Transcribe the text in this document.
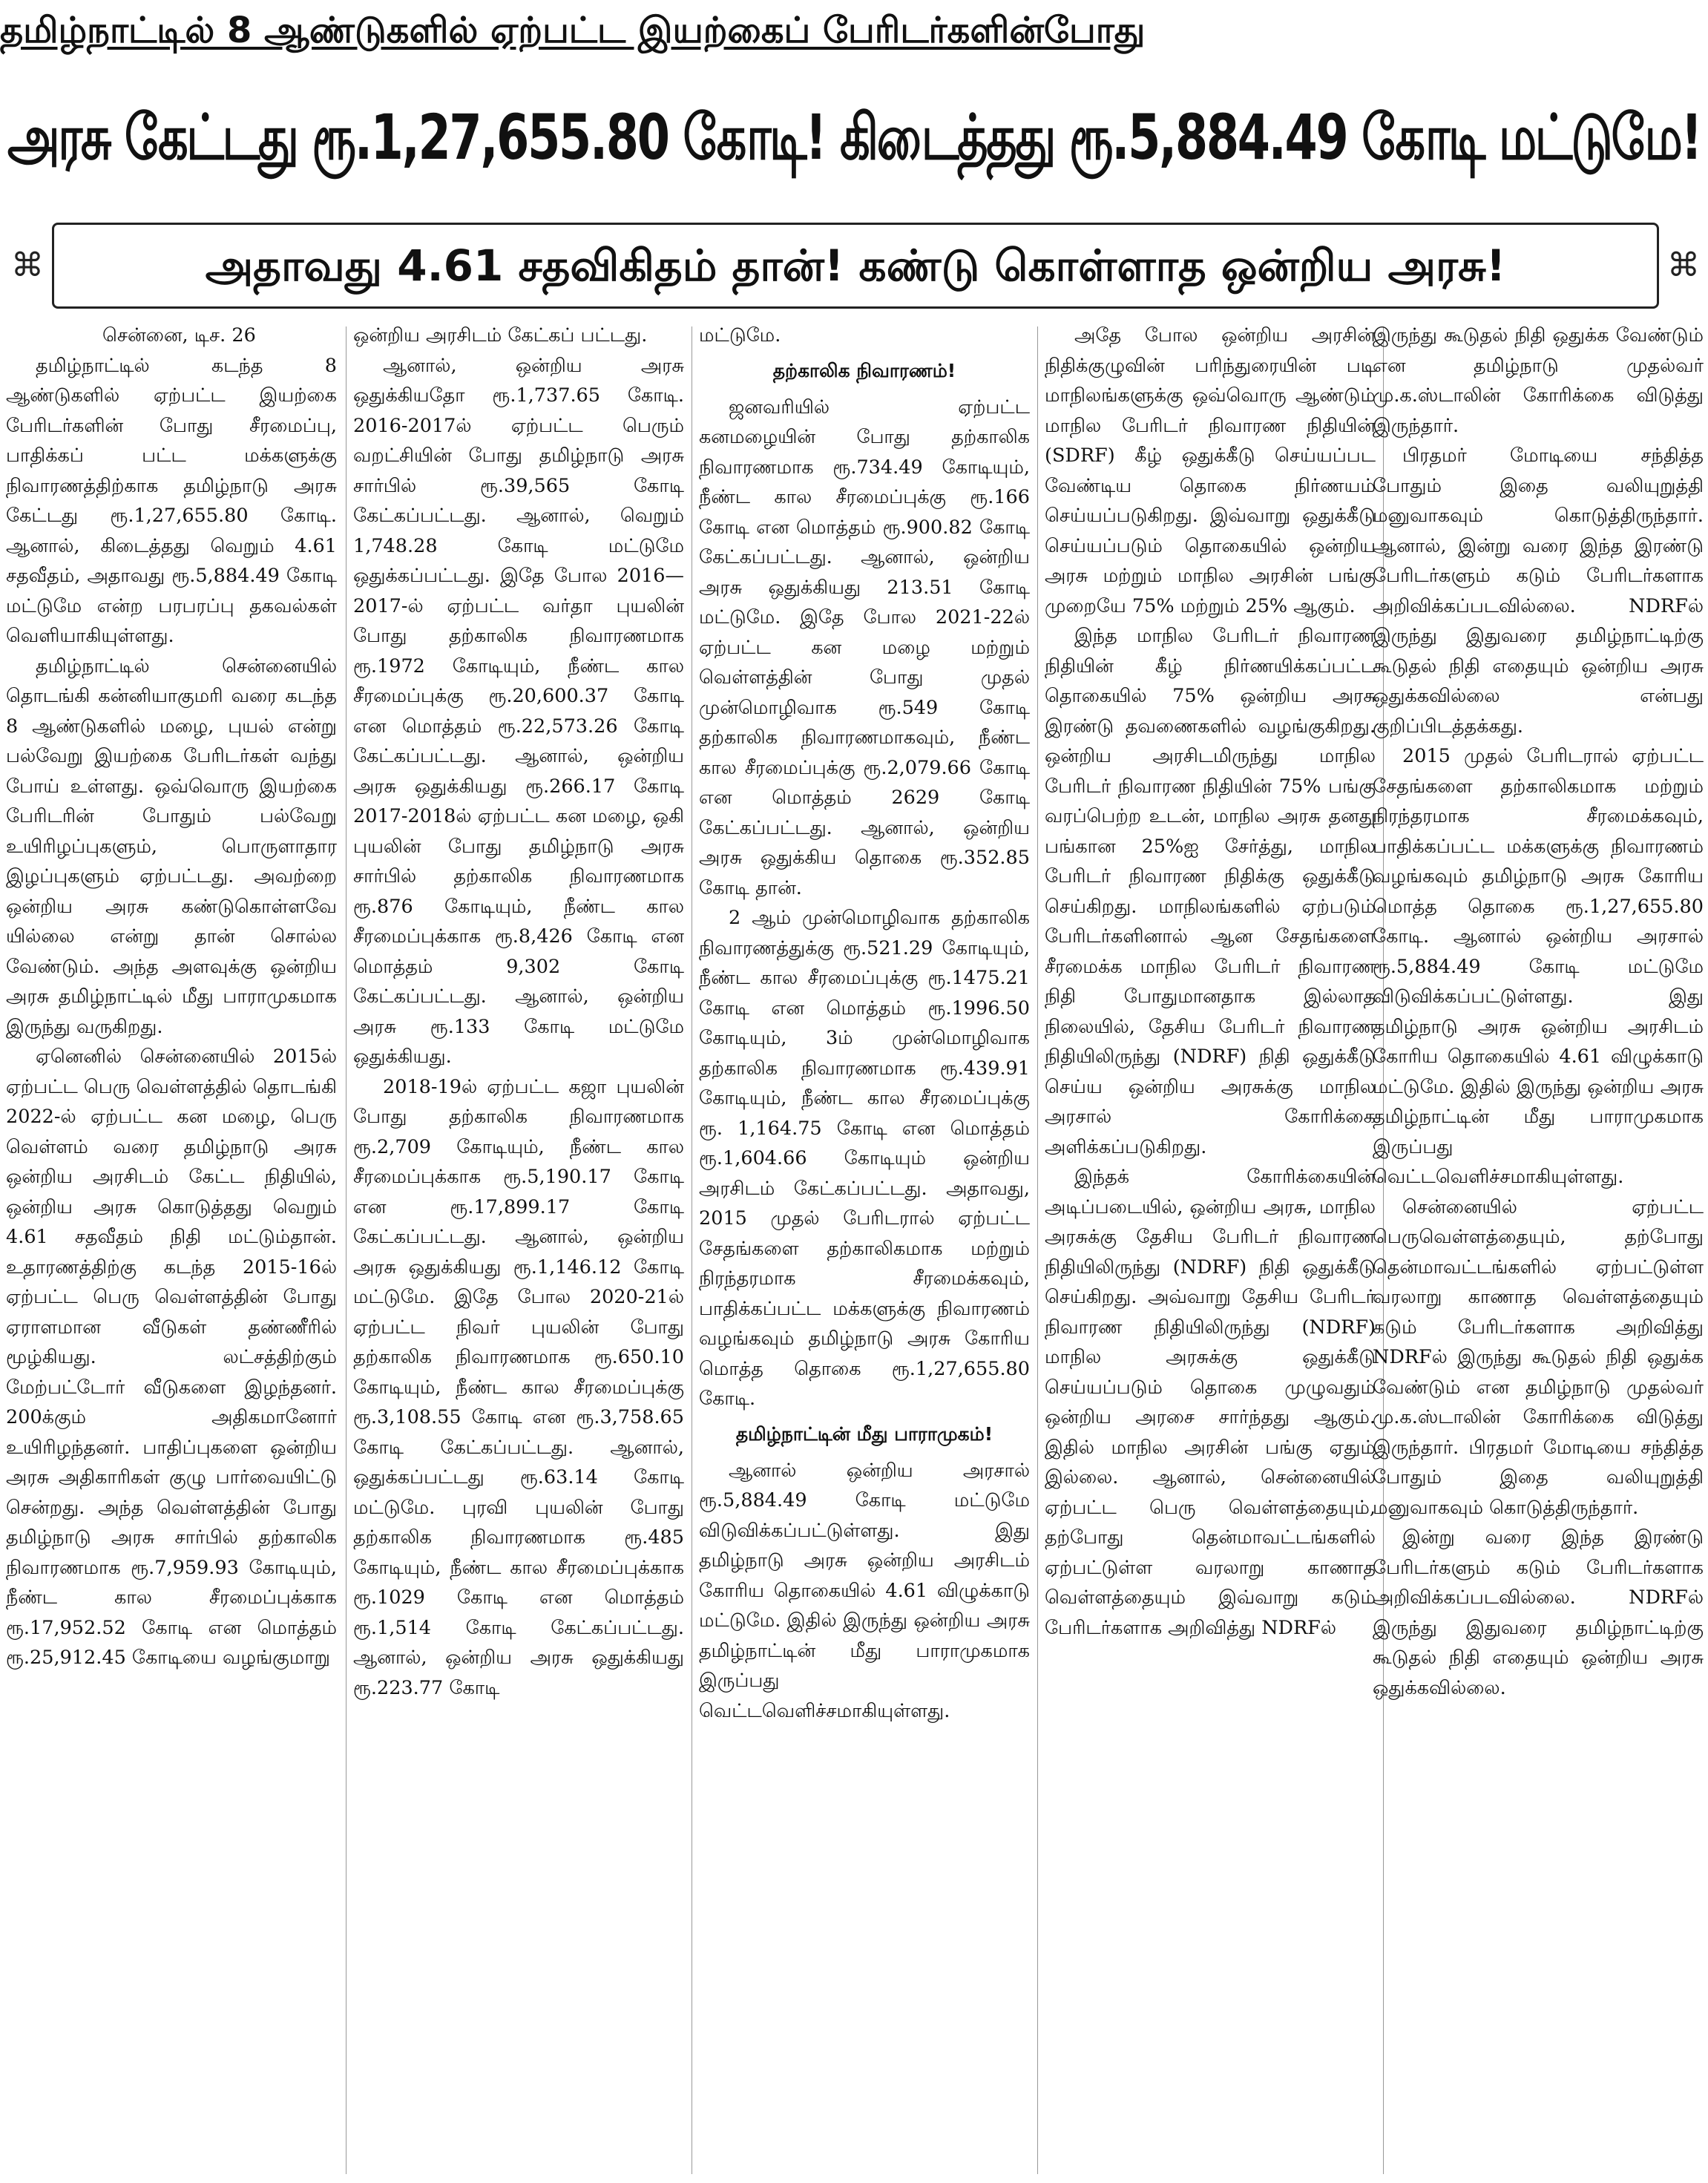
தமிழ்நாட்டில் 8 ஆண்டுகளில் ஏற்பட்ட இயற்கைப் பேரிடர்களின்போது
அரசு கேட்டது ரூ.1,27,655.80 கோடி! கிடைத்தது ரூ.5,884.49 கோடி மட்டுமே!
⌘	அதாவது 4.61 சதவிகிதம் தான்! கண்டு கொள்ளாத ஒன்றிய அரசு!	⌘

சென்னை, டிச. 26

தமிழ்நாட்டில் கடந்த 8 ஆண்டுகளில் ஏற்பட்ட இயற்கை பேரிடர்களின் போது சீரமைப்பு, பாதிக்கப் பட்ட மக்களுக்கு நிவாரணத்திற்காக தமிழ்நாடு அரசு கேட்டது ரூ.1,27,655.80 கோடி. ஆனால், கிடைத்தது வெறும் 4.61 சதவீதம், அதாவது ரூ.5,884.49 கோடி மட்டுமே என்ற பரபரப்பு தகவல்கள் வெளியாகியுள்ளது.

தமிழ்நாட்டில் சென்னையில் தொடங்கி கன்னியாகுமரி வரை கடந்த 8 ஆண்டுகளில் மழை, புயல் என்று பல்வேறு இயற்கை பேரிடர்கள் வந்து போய் உள்ளது. ஒவ்வொரு இயற்கை பேரிடரின் போதும் பல்வேறு உயிரிழப்புகளும், பொருளாதார இழப்புகளும் ஏற்பட்டது. அவற்றை ஒன்றிய அரசு கண்டுகொள்ளவே யில்லை என்று தான் சொல்ல வேண்டும். அந்த அளவுக்கு ஒன்றிய அரசு தமிழ்நாட்டில் மீது பாராமுகமாக இருந்து வருகிறது.

ஏனெனில் சென்னையில் 2015ல் ஏற்பட்ட பெரு வெள்ளத்தில் தொடங்கி 2022-ல் ஏற்பட்ட கன மழை, பெரு வெள்ளம் வரை தமிழ்நாடு அரசு ஒன்றிய அரசிடம் கேட்ட நிதியில், ஒன்றிய அரசு கொடுத்தது வெறும் 4.61 சதவீதம் நிதி மட்டும்தான். உதாரணத்திற்கு கடந்த 2015-16ல் ஏற்பட்ட பெரு வெள்ளத்தின் போது ஏராளமான வீடுகள் தண்ணீரில் மூழ்கியது. லட்சத்திற்கும் மேற்பட்டோர் வீடுகளை இழந்தனர். 200க்கும் அதிகமானோர் உயிரிழந்தனர். பாதிப்புகளை ஒன்றிய அரசு அதிகாரிகள் குழு பார்வையிட்டு சென்றது. அந்த வெள்ளத்தின் போது தமிழ்நாடு அரசு சார்பில் தற்காலிக நிவாரணமாக ரூ.7,959.93 கோடியும், நீண்ட கால சீரமைப்புக்காக ரூ.17,952.52 கோடி என மொத்தம் ரூ.25,912.45 கோடியை வழங்குமாறு

ஒன்றிய அரசிடம் கேட்கப் பட்டது.

ஆனால், ஒன்றிய அரசு ஒதுக்கியதோ ரூ.1,737.65 கோடி. 2016-2017ல் ஏற்பட்ட பெரும் வறட்சியின் போது தமிழ்நாடு அரசு சார்பில் ரூ.39,565 கோடி கேட்கப்பட்டது. ஆனால், வெறும் 1,748.28 கோடி மட்டுமே ஒதுக்கப்பட்டது. இதே போல 2016—2017-ல் ஏற்பட்ட வர்தா புயலின் போது தற்காலிக நிவாரணமாக ரூ.1972 கோடியும், நீண்ட கால சீரமைப்புக்கு ரூ.20,600.37 கோடி என மொத்தம் ரூ.22,573.26 கோடி கேட்கப்பட்டது. ஆனால், ஒன்றிய அரசு ஒதுக்கியது ரூ.266.17 கோடி 2017-2018ல் ஏற்பட்ட கன மழை, ஒகி புயலின் போது தமிழ்நாடு அரசு சார்பில் தற்காலிக நிவாரணமாக ரூ.876 கோடியும், நீண்ட கால சீரமைப்புக்காக ரூ.8,426 கோடி என மொத்தம் 9,302 கோடி கேட்கப்பட்டது. ஆனால், ஒன்றிய அரசு ரூ.133 கோடி மட்டுமே ஒதுக்கியது.

2018-19ல் ஏற்பட்ட கஜா புயலின் போது தற்காலிக நிவாரணமாக ரூ.2,709 கோடியும், நீண்ட கால சீரமைப்புக்காக ரூ.5,190.17 கோடி என ரூ.17,899.17 கோடி கேட்கப்பட்டது. ஆனால், ஒன்றிய அரசு ஒதுக்கியது ரூ.1,146.12 கோடி மட்டுமே. இதே போல 2020-21ல் ஏற்பட்ட நிவர் புயலின் போது தற்காலிக நிவாரணமாக ரூ.650.10 கோடியும், நீண்ட கால சீரமைப்புக்கு ரூ.3,108.55 கோடி என ரூ.3,758.65 கோடி கேட்கப்பட்டது. ஆனால், ஒதுக்கப்பட்டது ரூ.63.14 கோடி மட்டுமே. புரவி புயலின் போது தற்காலிக நிவாரணமாக ரூ.485 கோடியும், நீண்ட கால சீரமைப்புக்காக ரூ.1029 கோடி என மொத்தம் ரூ.1,514 கோடி கேட்கப்பட்டது. ஆனால், ஒன்றிய அரசு ஒதுக்கியது ரூ.223.77 கோடி

மட்டுமே.

தற்காலிக நிவாரணம்!

ஜனவரியில் ஏற்பட்ட கனமழையின் போது தற்காலிக நிவாரணமாக ரூ.734.49 கோடியும், நீண்ட கால சீரமைப்புக்கு ரூ.166 கோடி என மொத்தம் ரூ.900.82 கோடி கேட்கப்பட்டது. ஆனால், ஒன்றிய அரசு ஒதுக்கியது 213.51 கோடி மட்டுமே. இதே போல 2021-22ல் ஏற்பட்ட கன மழை மற்றும் வெள்ளத்தின் போது முதல் முன்மொழிவாக ரூ.549 கோடி தற்காலிக நிவாரணமாகவும், நீண்ட கால சீரமைப்புக்கு ரூ.2,079.66 கோடி என மொத்தம் 2629 கோடி கேட்கப்பட்டது. ஆனால், ஒன்றிய அரசு ஒதுக்கிய தொகை ரூ.352.85 கோடி தான்.

2 ஆம் முன்மொழிவாக தற்காலிக நிவாரணத்துக்கு ரூ.521.29 கோடியும், நீண்ட கால சீரமைப்புக்கு ரூ.1475.21 கோடி என மொத்தம் ரூ.1996.50 கோடியும், 3ம் முன்மொழிவாக தற்காலிக நிவாரணமாக ரூ.439.91 கோடியும், நீண்ட கால சீரமைப்புக்கு ரூ. 1,164.75 கோடி என மொத்தம் ரூ.1,604.66 கோடியும் ஒன்றிய அரசிடம் கேட்கப்பட்டது. அதாவது, 2015 முதல் பேரிடரால் ஏற்பட்ட சேதங்களை தற்காலிகமாக மற்றும் நிரந்தரமாக சீரமைக்கவும், பாதிக்கப்பட்ட மக்களுக்கு நிவாரணம் வழங்கவும் தமிழ்நாடு அரசு கோரிய மொத்த தொகை ரூ.1,27,655.80 கோடி.

தமிழ்நாட்டின் மீது பாராமுகம்!

ஆனால் ஒன்றிய அரசால் ரூ.5,884.49 கோடி மட்டுமே விடுவிக்கப்பட்டுள்ளது. இது தமிழ்நாடு அரசு ஒன்றிய அரசிடம் கோரிய தொகையில் 4.61 விழுக்காடு மட்டுமே. இதில் இருந்து ஒன்றிய அரசு தமிழ்நாட்டின் மீது பாராமுகமாக இருப்பது வெட்டவெளிச்சமாகியுள்ளது.

அதே போல ஒன்றிய அரசின் நிதிக்குழுவின் பரிந்துரையின் படி மாநிலங்களுக்கு ஒவ்வொரு ஆண்டும் மாநில பேரிடர் நிவாரண நிதியின் (SDRF) கீழ் ஒதுக்கீடு செய்யப்பட வேண்டிய தொகை நிர்ணயம் செய்யப்படுகிறது. இவ்வாறு ஒதுக்கீடு செய்யப்படும் தொகையில் ஒன்றிய அரசு மற்றும் மாநில அரசின் பங்கு முறையே 75% மற்றும் 25% ஆகும்.

இந்த மாநில பேரிடர் நிவாரண நிதியின் கீழ் நிர்ணயிக்கப்பட்ட தொகையில் 75% ஒன்றிய அரசு இரண்டு தவணைகளில் வழங்குகிறது. ஒன்றிய அரசிடமிருந்து மாநில பேரிடர் நிவாரண நிதியின் 75% பங்கு வரப்பெற்ற உடன், மாநில அரசு தனது பங்கான 25%ஐ சேர்த்து, மாநில பேரிடர் நிவாரண நிதிக்கு ஒதுக்கீடு செய்கிறது. மாநிலங்களில் ஏற்படும் பேரிடர்களினால் ஆன சேதங்களை சீரமைக்க மாநில பேரிடர் நிவாரண நிதி போதுமானதாக இல்லாத நிலையில், தேசிய பேரிடர் நிவாரண நிதியிலிருந்து (NDRF) நிதி ஒதுக்கீடு செய்ய ஒன்றிய அரசுக்கு மாநில அரசால் கோரிக்கை அளிக்கப்படுகிறது.

இந்தக் கோரிக்கையின் அடிப்படையில், ஒன்றிய அரசு, மாநில அரசுக்கு தேசிய பேரிடர் நிவாரண நிதியிலிருந்து (NDRF) நிதி ஒதுக்கீடு செய்கிறது. அவ்வாறு தேசிய பேரிடர் நிவாரண நிதியிலிருந்து (NDRF) மாநில அரசுக்கு ஒதுக்கீடு செய்யப்படும் தொகை முழுவதும் ஒன்றிய அரசை சார்ந்தது ஆகும். இதில் மாநில அரசின் பங்கு ஏதும் இல்லை. ஆனால், சென்னையில் ஏற்பட்ட பெரு வெள்ளத்தையும், தற்போது தென்மாவட்டங்களில் ஏற்பட்டுள்ள வரலாறு காணாத வெள்ளத்தையும் இவ்வாறு கடும் பேரிடர்களாக அறிவித்து NDRFல்

இருந்து கூடுதல் நிதி ஒதுக்க வேண்டும் என தமிழ்நாடு முதல்வர் மு.க.ஸ்டாலின் கோரிக்கை விடுத்து இருந்தார்.

பிரதமர் மோடியை சந்தித்த போதும் இதை வலியுறுத்தி மனுவாகவும் கொடுத்திருந்தார். ஆனால், இன்று வரை இந்த இரண்டு பேரிடர்களும் கடும் பேரிடர்களாக அறிவிக்கப்படவில்லை. NDRFல் இருந்து இதுவரை தமிழ்நாட்டிற்கு கூடுதல் நிதி எதையும் ஒன்றிய அரசு ஒதுக்கவில்லை என்பது குறிப்பிடத்தக்கது.

2015 முதல் பேரிடரால் ஏற்பட்ட சேதங்களை தற்காலிகமாக மற்றும் நிரந்தரமாக சீரமைக்கவும், பாதிக்கப்பட்ட மக்களுக்கு நிவாரணம் வழங்கவும் தமிழ்நாடு அரசு கோரிய மொத்த தொகை ரூ.1,27,655.80 கோடி. ஆனால் ஒன்றிய அரசால் ரூ.5,884.49 கோடி மட்டுமே விடுவிக்கப்பட்டுள்ளது. இது தமிழ்நாடு அரசு ஒன்றிய அரசிடம் கோரிய தொகையில் 4.61 விழுக்காடு மட்டுமே. இதில் இருந்து ஒன்றிய அரசு தமிழ்நாட்டின் மீது பாராமுகமாக இருப்பது வெட்டவெளிச்சமாகியுள்ளது.

சென்னையில் ஏற்பட்ட பெருவெள்ளத்தையும், தற்போது தென்மாவட்டங்களில் ஏற்பட்டுள்ள வரலாறு காணாத வெள்ளத்தையும் கடும் பேரிடர்களாக அறிவித்து NDRFல் இருந்து கூடுதல் நிதி ஒதுக்க வேண்டும் என தமிழ்நாடு முதல்வர் மு.க.ஸ்டாலின் கோரிக்கை விடுத்து இருந்தார். பிரதமர் மோடியை சந்தித்த போதும் இதை வலியுறுத்தி மனுவாகவும் கொடுத்திருந்தார்.

இன்று வரை இந்த இரண்டு பேரிடர்களும் கடும் பேரிடர்களாக அறிவிக்கப்படவில்லை. NDRFல் இருந்து இதுவரை தமிழ்நாட்டிற்கு கூடுதல் நிதி எதையும் ஒன்றிய அரசு ஒதுக்கவில்லை.
